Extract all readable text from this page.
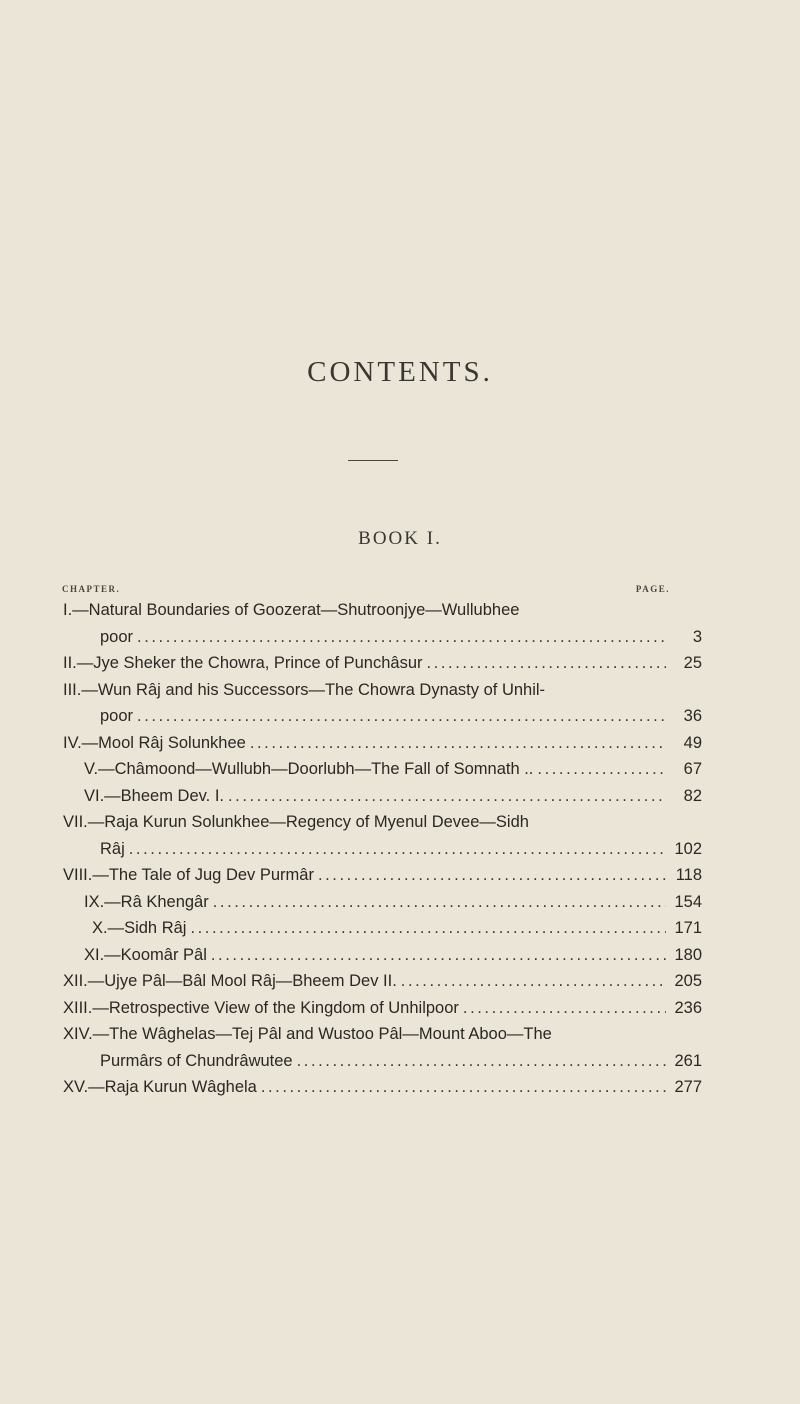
CONTENTS.
BOOK I.
CHAPTER.	PAGE.
I.—Natural Boundaries of Goozerat—Shutroonjye—Wullubhee
poor . . .	3
II.—Jye Sheker the Chowra, Prince of Punchâsur . . .	25
III.—Wun Râj and his Successors—The Chowra Dynasty of Unhil-
poor . . .	36
IV.—Mool Râj Solunkhee . . .	49
V.—Châmoond—Wullubh—Doorlubh—The Fall of Somnath .. . . .	67
VI.—Bheem Dev. I. . . .	82
VII.—Raja Kurun Solunkhee—Regency of Myenul Devee—Sidh
Râj . . .	102
VIII.—The Tale of Jug Dev Purmâr . . .	118
IX.—Râ Khengâr . . .	154
X.—Sidh Râj . . .	171
XI.—Koomâr Pâl . . .	180
XII.—Ujye Pâl—Bâl Mool Râj—Bheem Dev II. . . .	205
XIII.—Retrospective View of the Kingdom of Unhilpoor . . .	236
XIV.—The Wâghelas—Tej Pâl and Wustoo Pâl—Mount Aboo—The
Purmârs of Chundrâwutee . . .	261
XV.—Raja Kurun Wâghela . . .	277
